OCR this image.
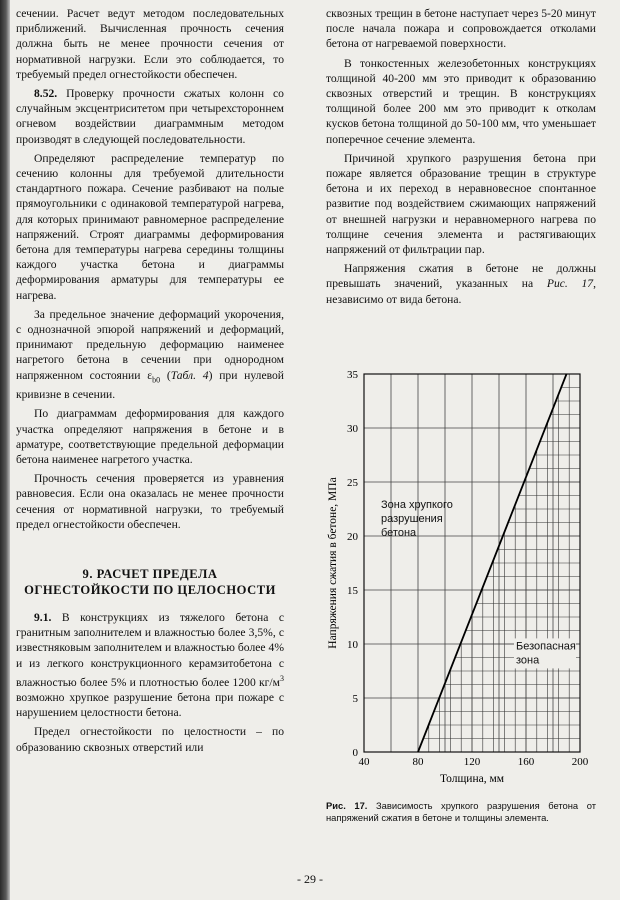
сечении. Расчет ведут методом последовательных приближений. Вычисленная прочность сечения должна быть не менее прочности сечения от нормативной нагрузки. Если это соблюдается, то требуемый предел огнестойкости обеспечен.

8.52. Проверку прочности сжатых колонн со случайным эксцентриситетом при четырехстороннем огневом воздействии диаграммным методом производят в следующей последовательности.

Определяют распределение температур по сечению колонны для требуемой длительности стандартного пожара. Сечение разбивают на полые прямоугольники с одинаковой температурой нагрева, для которых принимают равномерное распределение напряжений. Строят диаграммы деформирования бетона для температуры нагрева середины толщины каждого участка бетона и диаграммы деформирования арматуры для температуры ее нагрева.

За предельное значение деформаций укорочения, с однозначной эпюрой напряжений и деформаций, принимают предельную деформацию наименее нагретого бетона в сечении при однородном напряженном состоянии $\varepsilon_{b0}$ (Табл. 4) при нулевой кривизне в сечении.

По диаграммам деформирования для каждого участка определяют напряжения в бетоне и в арматуре, соответствующие предельной деформации бетона наименее нагретого участка.

Прочность сечения проверяется из уравнения равновесия. Если она оказалась не менее прочности сечения от нормативной нагрузки, то требуемый предел огнестойкости обеспечен.

9. РАСЧЕТ ПРЕДЕЛА
ОГНЕСТОЙКОСТИ ПО ЦЕЛОСНОСТИ

9.1. В конструкциях из тяжелого бетона с гранитным заполнителем и влажностью более 3,5%, с известняковым заполнителем и влажностью более 4% и из легкого конструкционного керамзитобетона с влажностью более 5% и плотностью более 1200 $кг/м^3$ возможно хрупкое разрушение бетона при пожаре с нарушением целостности бетона.

Предел огнестойкости по целостности – по образованию сквозных отверстий или

сквозных трещин в бетоне наступает через 5-20 минут после начала пожара и сопровождается отколами бетона от нагреваемой поверхности.

В тонкостенных железобетонных конструкциях толщиной 40-200 мм это приводит к образованию сквозных отверстий и трещин. В конструкциях толщиной более 200 мм это приводит к отколам кусков бетона толщиной до 50-100 мм, что уменьшает поперечное сечение элемента.

Причиной хрупкого разрушения бетона при пожаре является образование трещин в структуре бетона и их переход в неравновесное спонтанное развитие под воздействием сжимающих напряжений от внешней нагрузки и неравномерного нагрева по толщине сечения элемента и растягивающих напряжений от фильтрации пар.

Напряжения сжатия в бетоне не должны превышать значений, указанных на Рис. 17, независимо от вида бетона.

40	80	120	160	200
0
5
10
15
20
25
30
35
Толщина, мм
Напряжения сжатия в бетоне, МПа	Зона хрупкого
разрушения
бетона
Безопасная
зона
Рис. 17. Зависимость хрупкого разрушения бетона от напряжений сжатия в бетоне и толщины элемента.
- 29 -
